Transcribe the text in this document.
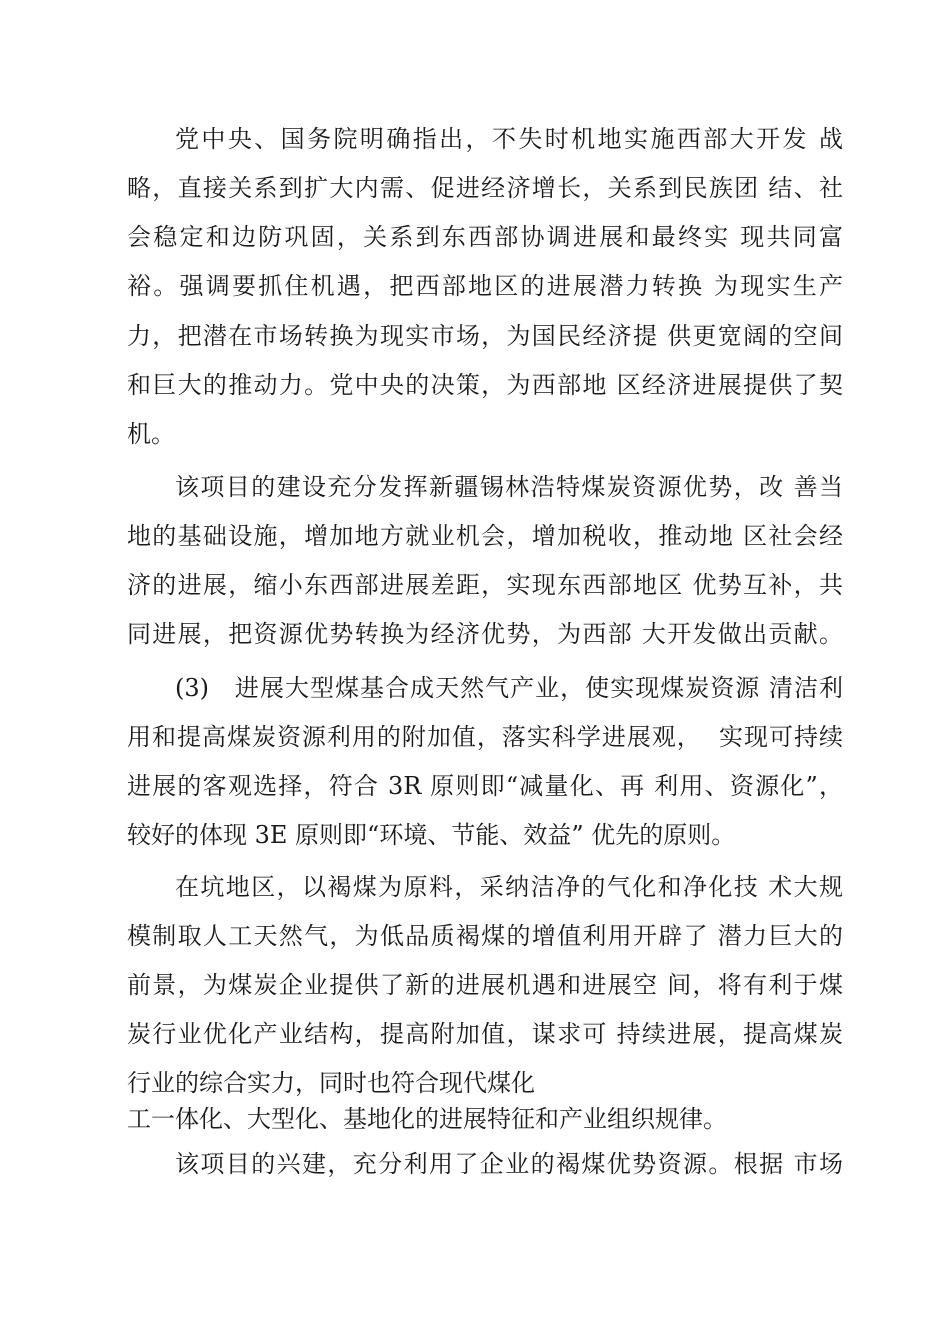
党中央、国务院明确指出，不失时机地实施西部大开发 战
略，直接关系到扩大内需、促进经济增长，关系到民族团 结、社
会稳定和边防巩固，关系到东西部协调进展和最终实 现共同富
裕。强调要抓住机遇，把西部地区的进展潜力转换 为现实生产
力，把潜在市场转换为现实市场，为国民经济提 供更宽阔的空间
和巨大的推动力。党中央的决策，为西部地 区经济进展提供了契
机。
该项目的建设充分发挥新疆锡林浩特煤炭资源优势，改 善当
地的基础设施，增加地方就业机会，增加税收，推动地 区社会经
济的进展，缩小东西部进展差距，实现东西部地区 优势互补，共
同进展，把资源优势转换为经济优势，为西部 大开发做出贡献。
(3)   进展大型煤基合成天然气产业，使实现煤炭资源 清洁利
用和提高煤炭资源利用的附加值，落实科学进展观，  实现可持续
进展的客观选择，符合 3R 原则即“减量化、再 利用、资源化”，
较好的体现 3E 原则即“环境、节能、效益” 优先的原则。
在坑地区，以褐煤为原料，采纳洁净的气化和净化技 术大规
模制取人工天然气，为低品质褐煤的增值利用开辟了 潜力巨大的
前景，为煤炭企业提供了新的进展机遇和进展空 间，将有利于煤
炭行业优化产业结构，提高附加值，谋求可 持续进展，提高煤炭
行业的综合实力，同时也符合现代煤化
工一体化、大型化、基地化的进展特征和产业组织规律。
该项目的兴建，充分利用了企业的褐煤优势资源。根据 市场
